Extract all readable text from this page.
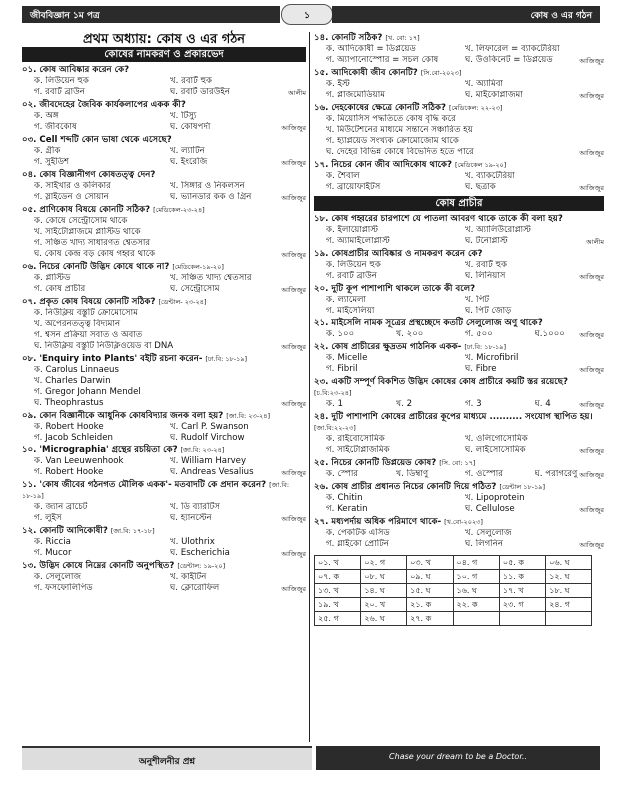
জীববিজ্ঞান ১ম পত্র	১	কোষ ও এর গঠন
প্রথম অধ্যায়: কোষ ও এর গঠন
কোষের নামকরণ ও প্রকারভেদ
০১. কোষ আবিষ্কার করেন কে?
ক. লিউয়েন হুক	খ. রবার্ট হুক
গ. রবার্ট ব্রাউন	ঘ. রবার্ট ডারউইন	আলীম
০২. জীবদেহের জৈবিক কার্যকলাপের একক কী?
ক. অঙ্গ	খ. টিস্যু
গ. জীবকোষ	ঘ. কোষপর্দা	আজিজুর
০৩. Cell শব্দটি কোন ভাষা থেকে এসেছে?
ক. গ্রীক	খ. ল্যাটিন
গ. সুইডিশ	ঘ. ইংরেজি	আজিজুর
০৪. কোষ বিজ্ঞানীগণ কোষতত্ত্ব দেন?
ক. সাইখার ও কলিকার	খ. সিঙ্গার ও নিকলসন
গ. স্লাইডেন ও সোয়ান	ঘ. ভ্যানডার কক ও গ্রিন	আজিজুর
০৫. প্রাণিকোষ বিষয়ে কোনটি সঠিক? [মেডিকেল-২৩-২৪]
ক. কোষে সেন্ট্রোসোম থাকে
খ. সাইটোপ্লাজমে প্লাস্টিড থাকে
গ. সঞ্চিত খাদ্য সাধারণত শ্বেতসার
ঘ. কোষ কেন্দ্র বড় কোষ গহ্বর থাকে	আজিজুর
০৬. নিচের কোনটি উদ্ভিদ কোষে থাকে না? [মেডিকেল-১৯-২০]
ক. প্লাস্টিড	খ. সঞ্চিত খাদ্য শ্বেতসার
গ. কোষ প্রাচীর	ঘ. সেন্ট্রোসোম	আজিজুর
০৭. প্রকৃত কোষ বিষয়ে কোনটি সঠিক? [ডেন্টাল- ২৩-২৪]
ক. নিউক্লিয় বস্তুটি ক্রোমোসোম
খ. অপেরনতত্ত্ব বিদ্যমান
গ. শ্বসন প্রক্রিয়া সবাত ও অবাত
ঘ. নিউক্লিয় বস্তুটি নিউক্লিওয়েড বা DNA	আজিজুর
০৮. 'Enquiry into Plants' বইটি রচনা করেন- [ঢা.বি: ১৮-১৯]
ক. Carolus Linnaeus
খ. Charles Darwin
গ. Gregor Johann Mendel
ঘ. Theophrastus	আজিজুর
০৯. কোন বিজ্ঞানীকে আধুনিক কোষবিদ্যার জনক বলা হয়? [জা.বি: ২৩-২৪]
ক. Robert Hooke	খ. Carl P. Swanson
গ. Jacob Schleiden	ঘ. Rudolf Virchow
১০. 'Micrographia' গ্রন্থের রচয়িতা কে? [জা.বি: ২৩-২৪]
ক. Van Leeuwenhook	খ. William Harvey
গ. Robert Hooke	ঘ. Andreas Vesalius	আজিজুর
১১. 'কোষ জীবের গঠনগত মৌলিক একক'- মতবাদটি কে প্রদান করেন? [জা.বি: ১৮-১৯]
ক. জ্যান ব্রাচেট	খ. ডি ব্যারটিস
গ. লুইস	ঘ. হ্যানস্টেন	আজিজুর
১২. কোনটি আদিকোষী? [জা.বি: ১৭-১৮]
ক. Riccia	খ. Ulothrix
গ. Mucor	ঘ. Escherichia	আজিজুর
১৩. উদ্ভিদ কোষে নিম্নের কোনটি অনুপস্থিত? [ডেন্টাল: ১৯-২০]
ক. সেলুলোজ	খ. কাইটিন
গ. ফসফোলিপিড	ঘ. ক্লোরোফিল	আজিজুর
১৪. কোনটি সঠিক? [খ. বো: ১৭]
ক. আদিকোষী = ডিপ্লয়েড	খ. লিফারেল = ব্যাকটেরিয়া
গ. অ্যাপানোস্পোর = সচল কোষ	ঘ. উওকিনেট = ডিপ্লয়েড	আজিজুর
১৫. আদিকোষী জীব কোনটি? [সি.বো-২০২৩]
ক. ইস্ট	খ. অ্যামিবা
গ. প্লাজমোডিয়াম	ঘ. মাইকোপ্লাজমা	আজিজুর
১৬. দেহকোষের ক্ষেত্রে কোনটি সঠিক? [মেডিকেল: ২২-২৩]
ক. মিয়োসিস পদ্ধতিতে কোষ বৃদ্ধি করে
খ. মিউটেশনের মাধ্যমে সন্তানে সঞ্চারিত হয়
গ. হ্যাপ্লয়েড সংখ্যক ক্রোমোজোম থাকে
ঘ. দেহের বিভিন্ন কোষে বিভেদিত হতে পারে	আজিজুর
১৭. নিচের কোন জীব আদিকোষ থাকে? [মেডিকেল ১৯-২০]
ক. শৈবাল	খ. ব্যাকটেরিয়া
গ. ব্রায়োফাইটস	ঘ. ছত্রাক	আজিজুর
কোষ প্রাচীর
১৮. কোষ গহ্বরের চারপাশে যে পাতলা আবরণ থাকে তাকে কী বলা হয়?
ক. ইলায়োপ্লাস্ট	খ. অ্যালিউরোপ্লাস্ট
গ. অ্যামাইলোপ্লাস্ট	ঘ. টনোপ্লাস্ট	আলীম
১৯. কোষপ্রাচীর আবিষ্কার ও নামকরণ করেন কে?
ক. লিউয়েন হুক	খ. রবার্ট হুক
গ. রবার্ট ব্রাউন	ঘ. লিনিয়াস	আজিজুর
২০. দুটি কূপ পাশাপাশি থাকলে তাকে কী বলে?
ক. ল্যামেলা	খ. পিট
গ. মাইসেলিয়া	ঘ. পিট জোড়
২১. মাইসেলি নামক সূত্রের প্রস্থচ্ছেদে কতটি সেলুলোজ অণু থাকে?
ক. ১০০	খ. ২০০	গ. ৫০০	ঘ.১০০০ আজিজুর
২২. কোষ প্রাচীরের ক্ষুদ্রতম গাঠনিক একক- [ঢা.বি: ১৮-১৯]
ক. Micelle	খ. Microfibril
গ. Fibril	ঘ. Fibre	আজিজুর
২৩. একটি সম্পূর্ণ বিকশিত উদ্ভিদ কোষের কোষ প্রাচীরে কয়টি স্তর রয়েছে? [চ.বি:২৩-২৪]
ক. 1	খ. 2	গ. 3	ঘ. 4	আজিজুর
২৪. দুটি পাশাপাশি কোষের প্রাচীরের কূপের মাধ্যমে .......... সংযোগ স্থাপিত হয়। [জা.বি:২২-২৩]
ক. রাইবোসোমিক	খ. ওলিগোসোমিক
গ. সাইটোপ্লাজমিক	ঘ. লাইসোসোমিক	আজিজুর
২৫. নিচের কোনটি ডিপ্লয়েড কোষ? [সি. বো: ১৭]
ক. স্পোর	খ. ডিম্বাণু	গ. ওস্পোর	ঘ. পরাগরেণু আজিজুর
২৬. কোষ প্রাচীর প্রধানত নিচের কোনটি দিয়ে গঠিত? [ডেন্টাল ১৮-১৯]
ক. Chitin	খ. Lipoprotein
গ. Keratin	ঘ. Cellulose	আজিজুর
২৭. মধ্যপর্দায় অধিক পরিমাণে থাকে- [খ.বো-২০২৩]
ক. পেকটিক এসিড	খ. সেলুলোজ
গ. গ্লাইকো প্রোটিন	ঘ. লিগনিন	আজিজুর
০১. খ	০২. গ	০৩. খ	০৪. গ	০৫. ক	০৬. ঘ
০৭. ক	০৮. ঘ	০৯. ঘ	১০. গ	১১. ক	১২. ঘ
১৩. খ	১৪. ঘ	১৫. ঘ	১৬. ঘ	১৭. খ	১৮. ঘ
১৯. খ	২০. খ	২১. ক	২২. ক	২৩. গ	২৪. গ
২৫. গ	২৬. ঘ	২৭. ক			
অনুশীলনীর প্রশ্ন
Chase your dream to be a Doctor..
